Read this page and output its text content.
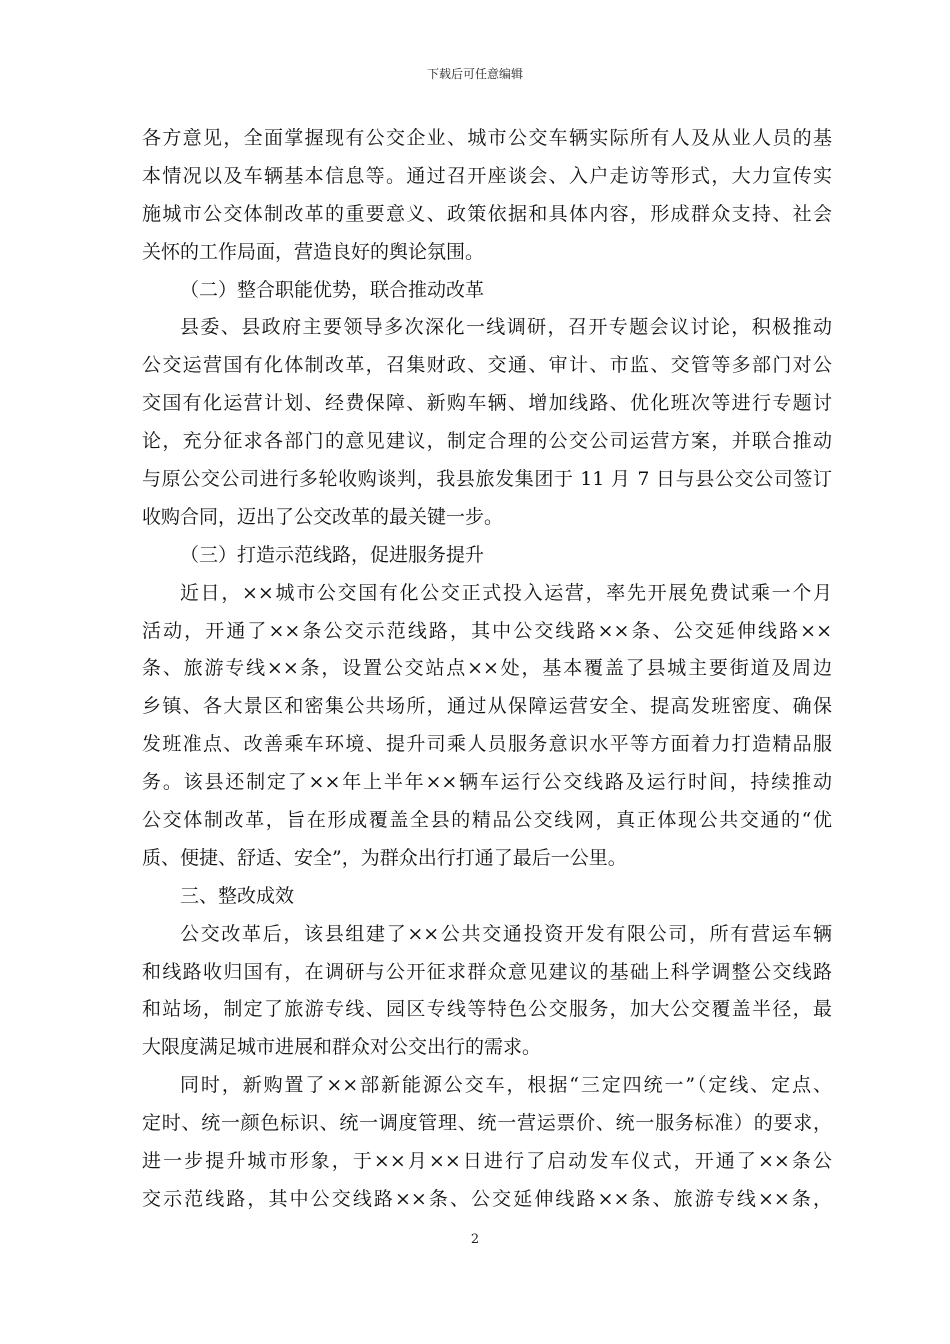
下载后可任意编辑
各方意见，全面掌握现有公交企业、城市公交车辆实际所有人及从业人员的基
本情况以及车辆基本信息等。通过召开座谈会、入户走访等形式，大力宣传实
施城市公交体制改革的重要意义、政策依据和具体内容，形成群众支持、社会
关怀的工作局面，营造良好的舆论氛围。
（二）整合职能优势，联合推动改革
县委、县政府主要领导多次深化一线调研，召开专题会议讨论，积极推动
公交运营国有化体制改革，召集财政、交通、审计、市监、交管等多部门对公
交国有化运营计划、经费保障、新购车辆、增加线路、优化班次等进行专题讨
论，充分征求各部门的意见建议，制定合理的公交公司运营方案，并联合推动
与原公交公司进行多轮收购谈判，我县旅发集团于 11 月 7 日与县公交公司签订
收购合同，迈出了公交改革的最关键一步。
（三）打造示范线路，促进服务提升
近日，××城市公交国有化公交正式投入运营，率先开展免费试乘一个月
活动，开通了××条公交示范线路，其中公交线路××条、公交延伸线路××
条、旅游专线××条，设置公交站点××处，基本覆盖了县城主要街道及周边
乡镇、各大景区和密集公共场所，通过从保障运营安全、提高发班密度、确保
发班准点、改善乘车环境、提升司乘人员服务意识水平等方面着力打造精品服
务。该县还制定了××年上半年××辆车运行公交线路及运行时间，持续推动
公交体制改革，旨在形成覆盖全县的精品公交线网，真正体现公共交通的“优
质、便捷、舒适、安全”，为群众出行打通了最后一公里。
三、整改成效
公交改革后，该县组建了××公共交通投资开发有限公司，所有营运车辆
和线路收归国有，在调研与公开征求群众意见建议的基础上科学调整公交线路
和站场，制定了旅游专线、园区专线等特色公交服务，加大公交覆盖半径，最
大限度满足城市进展和群众对公交出行的需求。
同时，新购置了××部新能源公交车，根据“三定四统一”（定线、定点、
定时、统一颜色标识、统一调度管理、统一营运票价、统一服务标准）的要求，
进一步提升城市形象，于××月××日进行了启动发车仪式，开通了××条公
交示范线路，其中公交线路××条、公交延伸线路××条、旅游专线××条，
2
